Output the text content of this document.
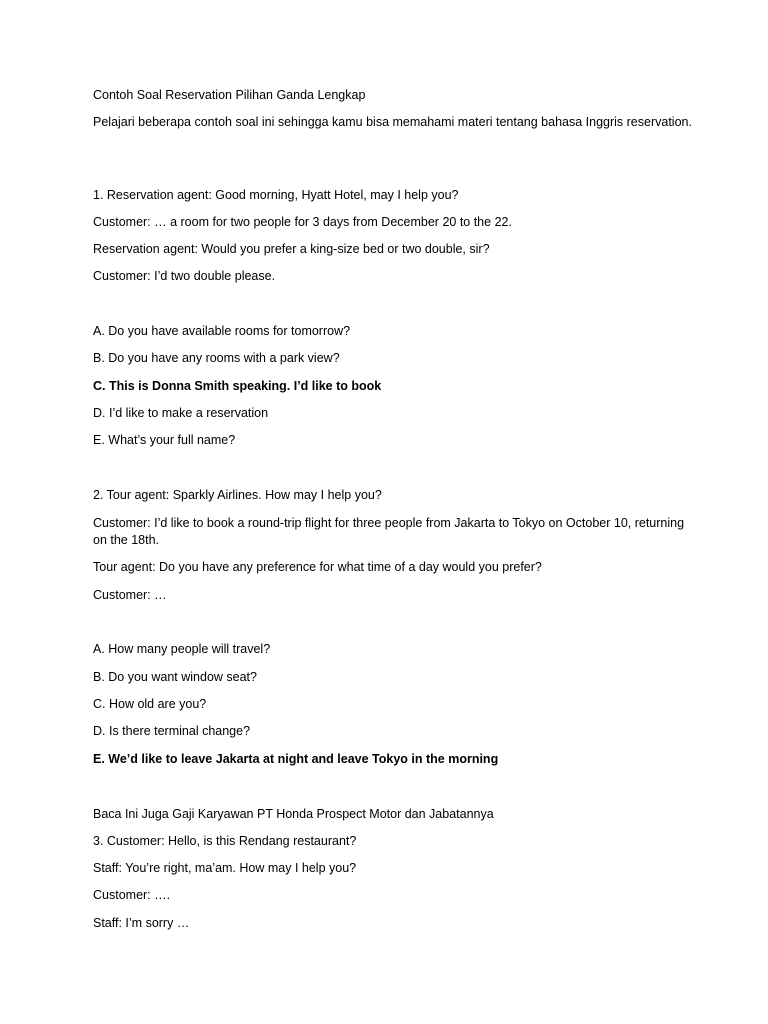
Contoh Soal Reservation Pilihan Ganda Lengkap
Pelajari beberapa contoh soal ini sehingga kamu bisa memahami materi tentang bahasa Inggris reservation.
1. Reservation agent: Good morning, Hyatt Hotel, may I help you?
Customer: … a room for two people for 3 days from December 20 to the 22.
Reservation agent: Would you prefer a king-size bed or two double, sir?
Customer: I’d two double please.
A. Do you have available rooms for tomorrow?
B. Do you have any rooms with a park view?
C. This is Donna Smith speaking. I’d like to book
D. I’d like to make a reservation
E. What’s your full name?
2. Tour agent: Sparkly Airlines. How may I help you?
Customer: I’d like to book a round-trip flight for three people from Jakarta to Tokyo on October 10, returning on the 18th.
Tour agent: Do you have any preference for what time of a day would you prefer?
Customer: …
A. How many people will travel?
B. Do you want window seat?
C. How old are you?
D. Is there terminal change?
E. We’d like to leave Jakarta at night and leave Tokyo in the morning
Baca Ini Juga Gaji Karyawan PT Honda Prospect Motor dan Jabatannya
3. Customer: Hello, is this Rendang restaurant?
Staff: You’re right, ma’am. How may I help you?
Customer: ….
Staff: I’m sorry …
